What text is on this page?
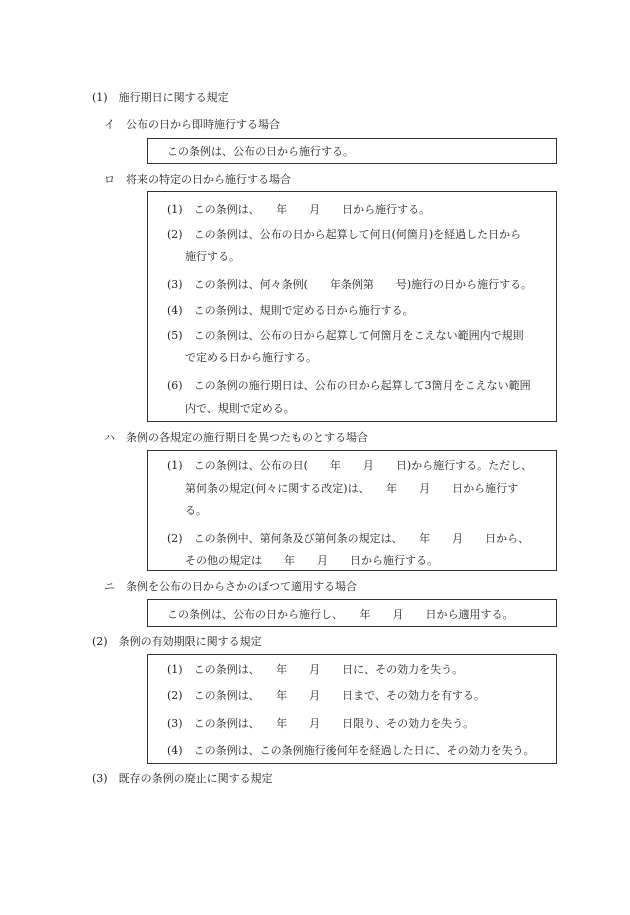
(1)　施行期日に関する規定
イ　公布の日から即時施行する場合
この条例は、公布の日から施行する。
ロ　将来の特定の日から施行する場合
(1)　この条例は、　　年　　月　　日から施行する。
(2)　この条例は、公布の日から起算して何日(何箇月)を経過した日から
施行する。
(3)　この条例は、何々条例(　　年条例第　　号)施行の日から施行する。
(4)　この条例は、規則で定める日から施行する。
(5)　この条例は、公布の日から起算して何箇月をこえない範囲内で規則
で定める日から施行する。
(6)　この条例の施行期日は、公布の日から起算して3箇月をこえない範囲
内で、規則で定める。
ハ　条例の各規定の施行期日を異つたものとする場合
(1)　この条例は、公布の日(　　年　　月　　日)から施行する。ただし、
第何条の規定(何々に関する改定)は、　　年　　月　　日から施行す
る。
(2)　この条例中、第何条及び第何条の規定は、　　年　　月　　日から、
その他の規定は　　年　　月　　日から施行する。
ニ　条例を公布の日からさかのぼつて適用する場合
この条例は、公布の日から施行し、　　年　　月　　日から適用する。
(2)　条例の有効期限に関する規定
(1)　この条例は、　　年　　月　　日に、その効力を失う。
(2)　この条例は、　　年　　月　　日まで、その効力を有する。
(3)　この条例は、　　年　　月　　日限り、その効力を失う。
(4)　この条例は、この条例施行後何年を経過した日に、その効力を失う。
(3)　既存の条例の廃止に関する規定
